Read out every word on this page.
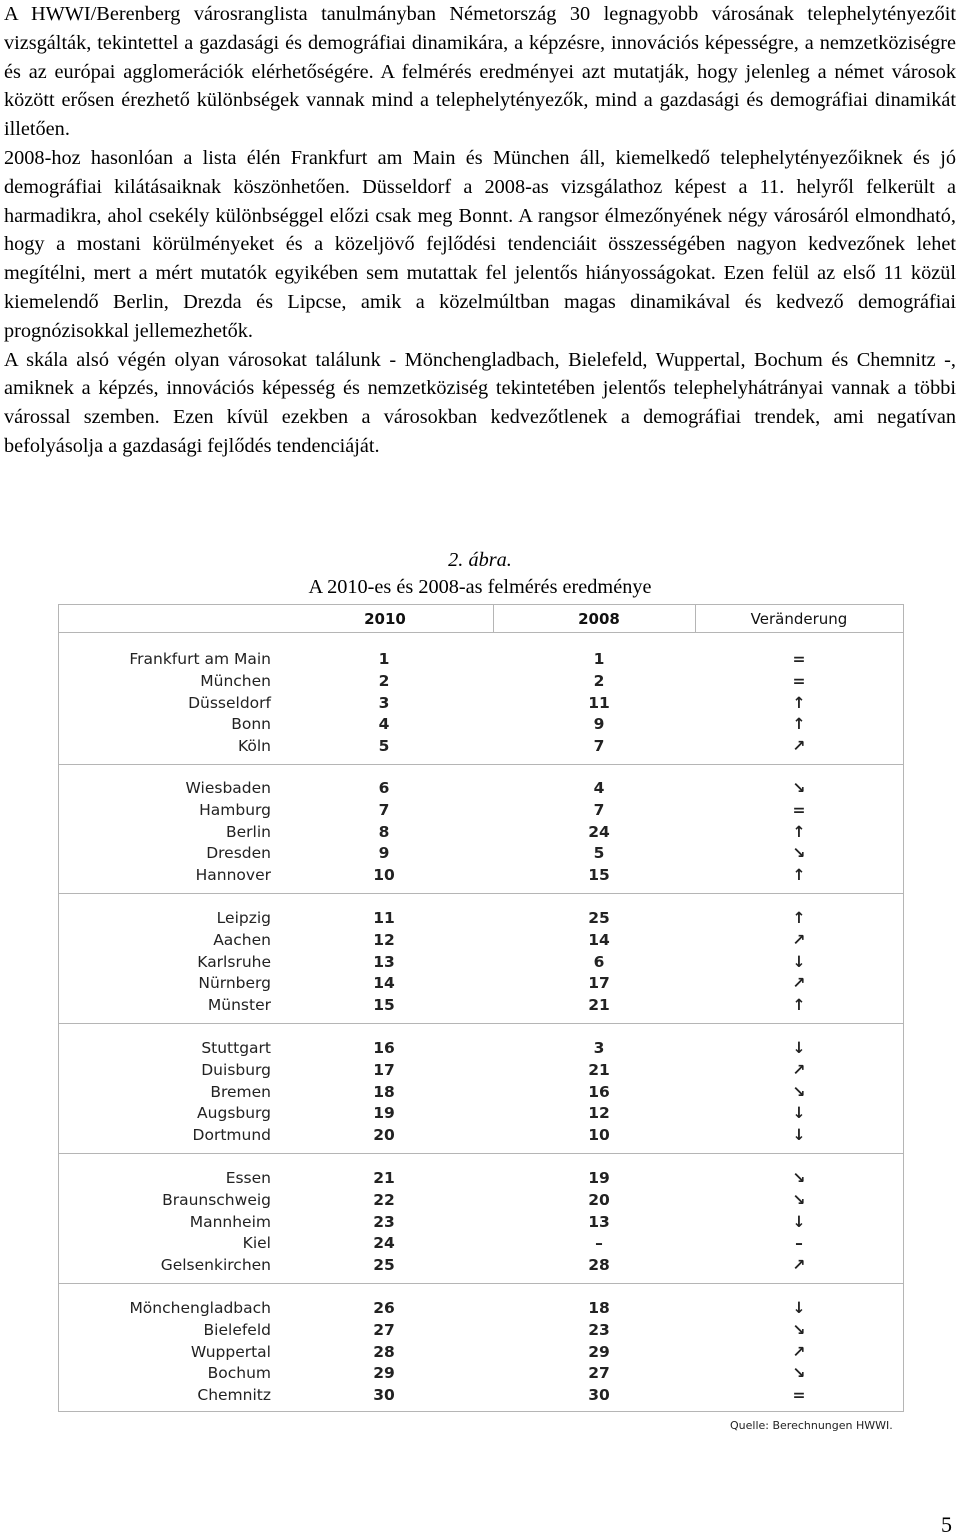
A HWWI/Berenberg városranglista tanulmányban Németország 30 legnagyobb városának telephelytényezőit vizsgálták, tekintettel a gazdasági és demográfiai dinamikára, a képzésre, innovációs képességre, a nemzetköziségre és az európai agglomerációk elérhetőségére. A felmérés eredményei azt mutatják, hogy jelenleg a német városok között erősen érezhető különbségek vannak mind a telephelytényezők, mind a gazdasági és demográfiai dinamikát illetően.

2008-hoz hasonlóan a lista élén Frankfurt am Main és München áll, kiemelkedő telephelytényezőiknek és jó demográfiai kilátásaiknak köszönhetően. Düsseldorf a 2008-as vizsgálathoz képest a 11. helyről felkerült a harmadikra, ahol csekély különbséggel előzi csak meg Bonnt. A rangsor élmezőnyének négy városáról elmondható, hogy a mostani körülményeket és a közeljövő fejlődési tendenciáit összességében nagyon kedvezőnek lehet megítélni, mert a mért mutatók egyikében sem mutattak fel jelentős hiányosságokat. Ezen felül az első 11 közül kiemelendő Berlin, Drezda és Lipcse, amik a közelmúltban magas dinamikával és kedvező demográfiai prognózisokkal jellemezhetők.

A skála alsó végén olyan városokat találunk - Mönchengladbach, Bielefeld, Wuppertal, Bochum és Chemnitz -, amiknek a képzés, innovációs képesség és nemzetköziség tekintetében jelentős telephelyhátrányai vannak a többi várossal szemben. Ezen kívül ezekben a városokban kedvezőtlenek a demográfiai trendek, ami negatívan befolyásolja a gazdasági fejlődés tendenciáját.

2. ábra.
A 2010-es és 2008-as felmérés eredménye
2010	2008	Veränderung
Frankfurt am Main	1	1	=
München	2	2	=
Düsseldorf	3	11	↑
Bonn	4	9	↑
Köln	5	7	↗
Wiesbaden	6	4	↘
Hamburg	7	7	=
Berlin	8	24	↑
Dresden	9	5	↘
Hannover	10	15	↑
Leipzig	11	25	↑
Aachen	12	14	↗
Karlsruhe	13	6	↓
Nürnberg	14	17	↗
Münster	15	21	↑
Stuttgart	16	3	↓
Duisburg	17	21	↗
Bremen	18	16	↘
Augsburg	19	12	↓
Dortmund	20	10	↓
Essen	21	19	↘
Braunschweig	22	20	↘
Mannheim	23	13	↓
Kiel	24	–	–
Gelsenkirchen	25	28	↗
Mönchengladbach	26	18	↓
Bielefeld	27	23	↘
Wuppertal	28	29	↗
Bochum	29	27	↘
Chemnitz	30	30	=
Quelle: Berechnungen HWWI.
5
